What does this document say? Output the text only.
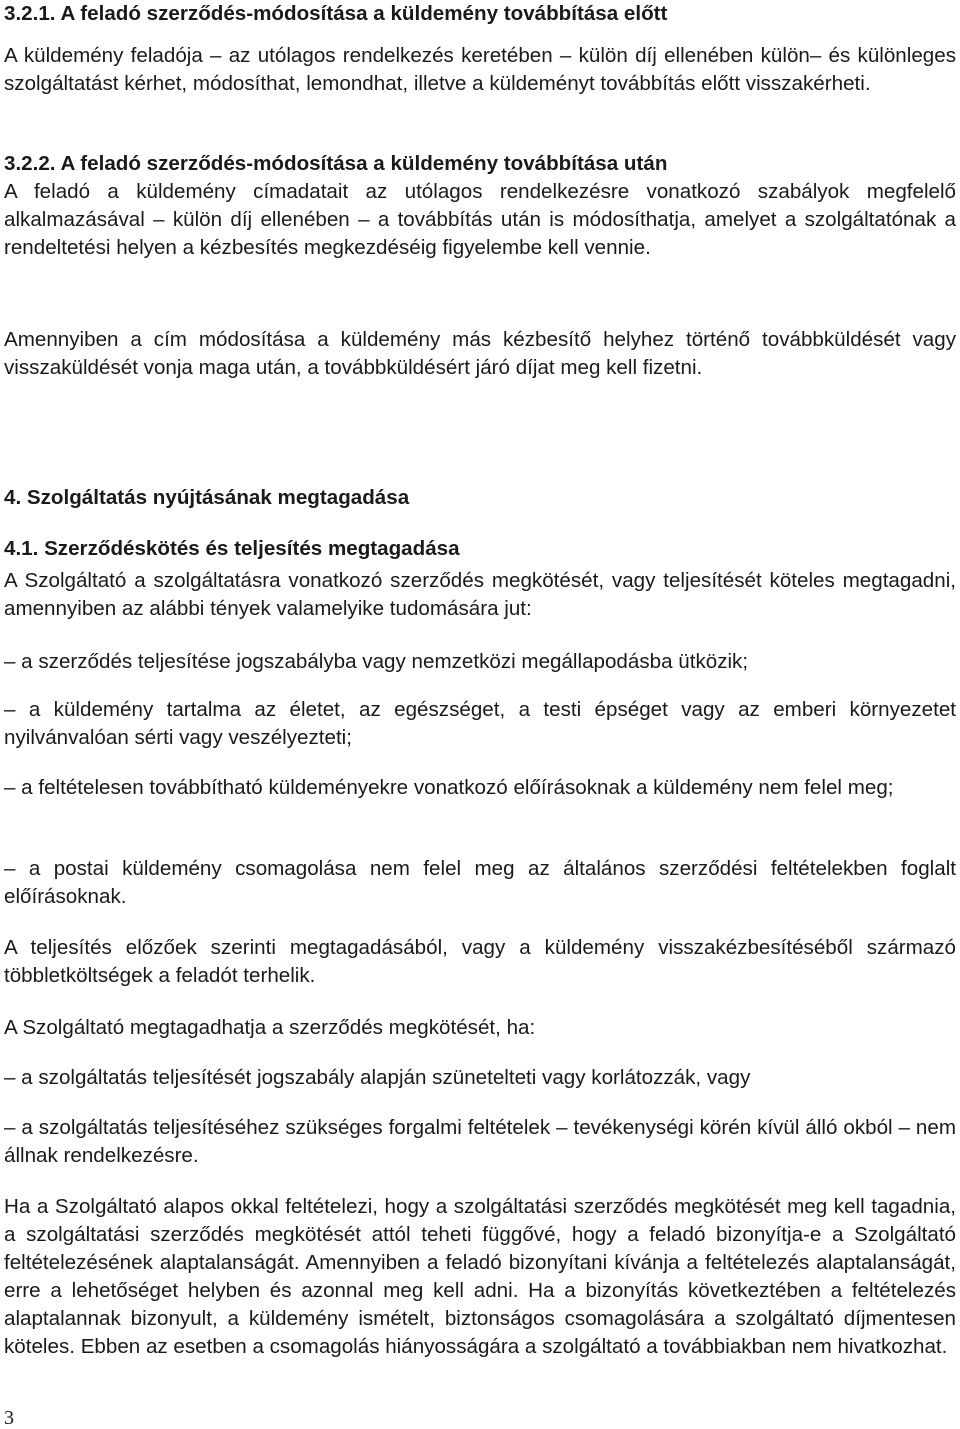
3.2.1. A feladó szerződés-módosítása a küldemény továbbítása előtt
A küldemény feladója – az utólagos rendelkezés keretében – külön díj ellenében külön– és különleges szolgáltatást kérhet, módosíthat, lemondhat, illetve a küldeményt továbbítás előtt visszakérheti.
3.2.2. A feladó szerződés-módosítása a küldemény továbbítása után
A feladó a küldemény címadatait az utólagos rendelkezésre vonatkozó szabályok megfelelő alkalmazásával – külön díj ellenében – a továbbítás után is módosíthatja, amelyet a szolgáltatónak a rendeltetési helyen a kézbesítés megkezdéséig figyelembe kell vennie.
Amennyiben a cím módosítása a küldemény más kézbesítő helyhez történő továbbküldését vagy visszaküldését vonja maga után, a továbbküldésért járó díjat meg kell fizetni.
4. Szolgáltatás nyújtásának megtagadása
4.1. Szerződéskötés és teljesítés megtagadása
A Szolgáltató a szolgáltatásra vonatkozó szerződés megkötését, vagy teljesítését köteles megtagadni, amennyiben az alábbi tények valamelyike tudomására jut:
– a szerződés teljesítése jogszabályba vagy nemzetközi megállapodásba ütközik;
– a küldemény tartalma az életet, az egészséget, a testi épséget vagy az emberi környezetet nyilvánvalóan sérti vagy veszélyezteti;
– a feltételesen továbbítható küldeményekre vonatkozó előírásoknak a küldemény nem felel meg;
– a postai küldemény csomagolása nem felel meg az általános szerződési feltételekben foglalt előírásoknak.
A teljesítés előzőek szerinti megtagadásából, vagy a küldemény visszakézbesítéséből származó többletköltségek a feladót terhelik.
A Szolgáltató megtagadhatja a szerződés megkötését, ha:
– a szolgáltatás teljesítését jogszabály alapján szünetelteti vagy korlátozzák, vagy
– a szolgáltatás teljesítéséhez szükséges forgalmi feltételek – tevékenységi körén kívül álló okból – nem állnak rendelkezésre.
Ha a Szolgáltató alapos okkal feltételezi, hogy a szolgáltatási szerződés megkötését meg kell tagadnia, a szolgáltatási szerződés megkötését attól teheti függővé, hogy a feladó bizonyítja-e a Szolgáltató feltételezésének alaptalanságát. Amennyiben a feladó bizonyítani kívánja a feltételezés alaptalanságát, erre a lehetőséget helyben és azonnal meg kell adni. Ha a bizonyítás következtében a feltételezés alaptalannak bizonyult, a küldemény ismételt, biztonságos csomagolására a szolgáltató díjmentesen köteles. Ebben az esetben a csomagolás hiányosságára a szolgáltató a továbbiakban nem hivatkozhat.
3
